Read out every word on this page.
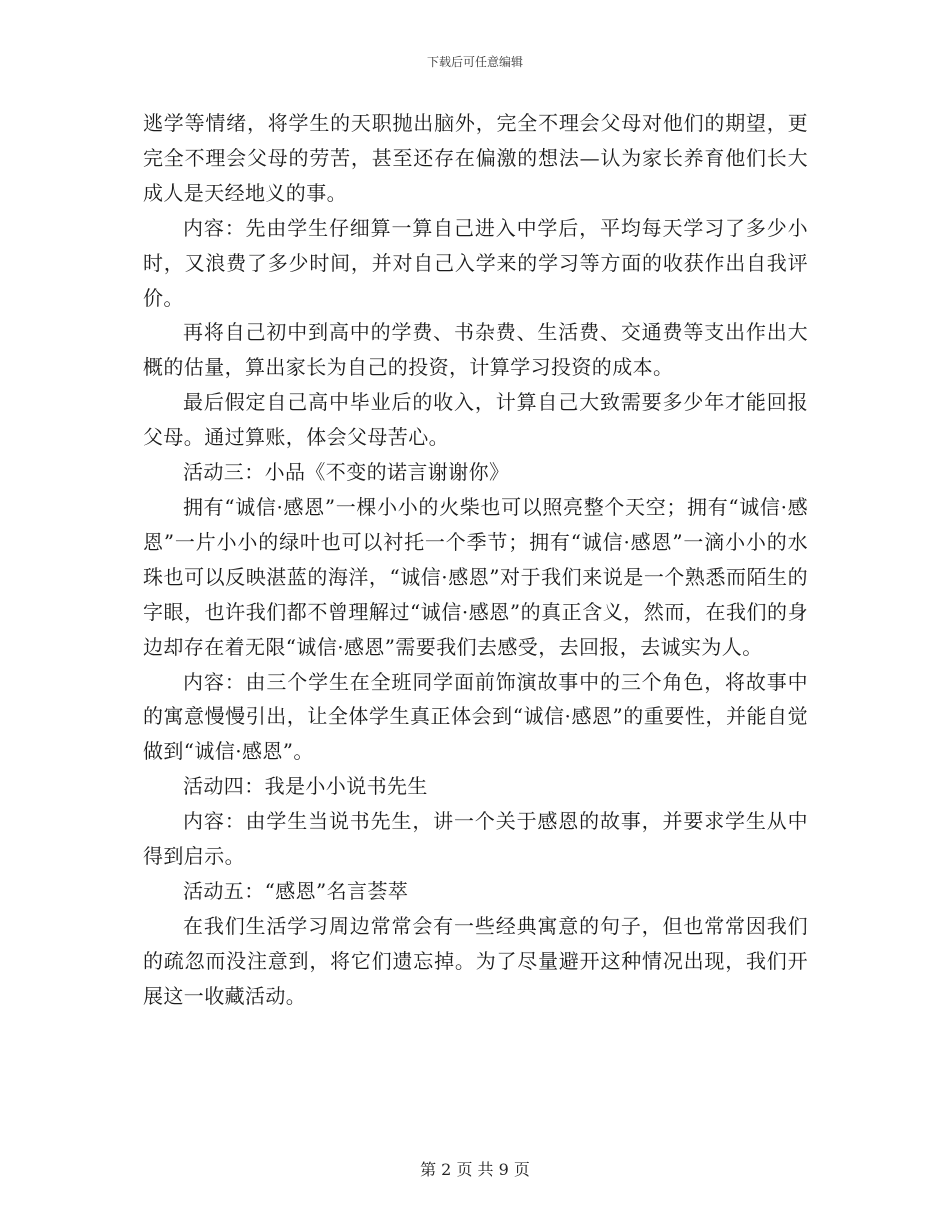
下载后可任意编辑

逃学等情绪，将学生的天职抛出脑外，完全不理会父母对他们的期望，更完全不理会父母的劳苦，甚至还存在偏激的想法—认为家长养育他们长大成人是天经地义的事。

内容：先由学生仔细算一算自己进入中学后，平均每天学习了多少小时，又浪费了多少时间，并对自己入学来的学习等方面的收获作出自我评价。

再将自己初中到高中的学费、书杂费、生活费、交通费等支出作出大概的估量，算出家长为自己的投资，计算学习投资的成本。

最后假定自己高中毕业后的收入，计算自己大致需要多少年才能回报父母。通过算账，体会父母苦心。

活动三：小品《不变的诺言谢谢你》

拥有“诚信·感恩”一棵小小的火柴也可以照亮整个天空；拥有“诚信·感恩”一片小小的绿叶也可以衬托一个季节；拥有“诚信·感恩”一滴小小的水珠也可以反映湛蓝的海洋，“诚信·感恩”对于我们来说是一个熟悉而陌生的字眼，也许我们都不曾理解过“诚信·感恩”的真正含义，然而，在我们的身边却存在着无限“诚信·感恩”需要我们去感受，去回报，去诚实为人。

内容：由三个学生在全班同学面前饰演故事中的三个角色，将故事中的寓意慢慢引出，让全体学生真正体会到“诚信·感恩”的重要性，并能自觉做到“诚信·感恩”。

活动四：我是小小说书先生

内容：由学生当说书先生，讲一个关于感恩的故事，并要求学生从中得到启示。

活动五：“感恩”名言荟萃

在我们生活学习周边常常会有一些经典寓意的句子，但也常常因我们的疏忽而没注意到，将它们遗忘掉。为了尽量避开这种情况出现，我们开展这一收藏活动。

第 2 页 共 9 页
